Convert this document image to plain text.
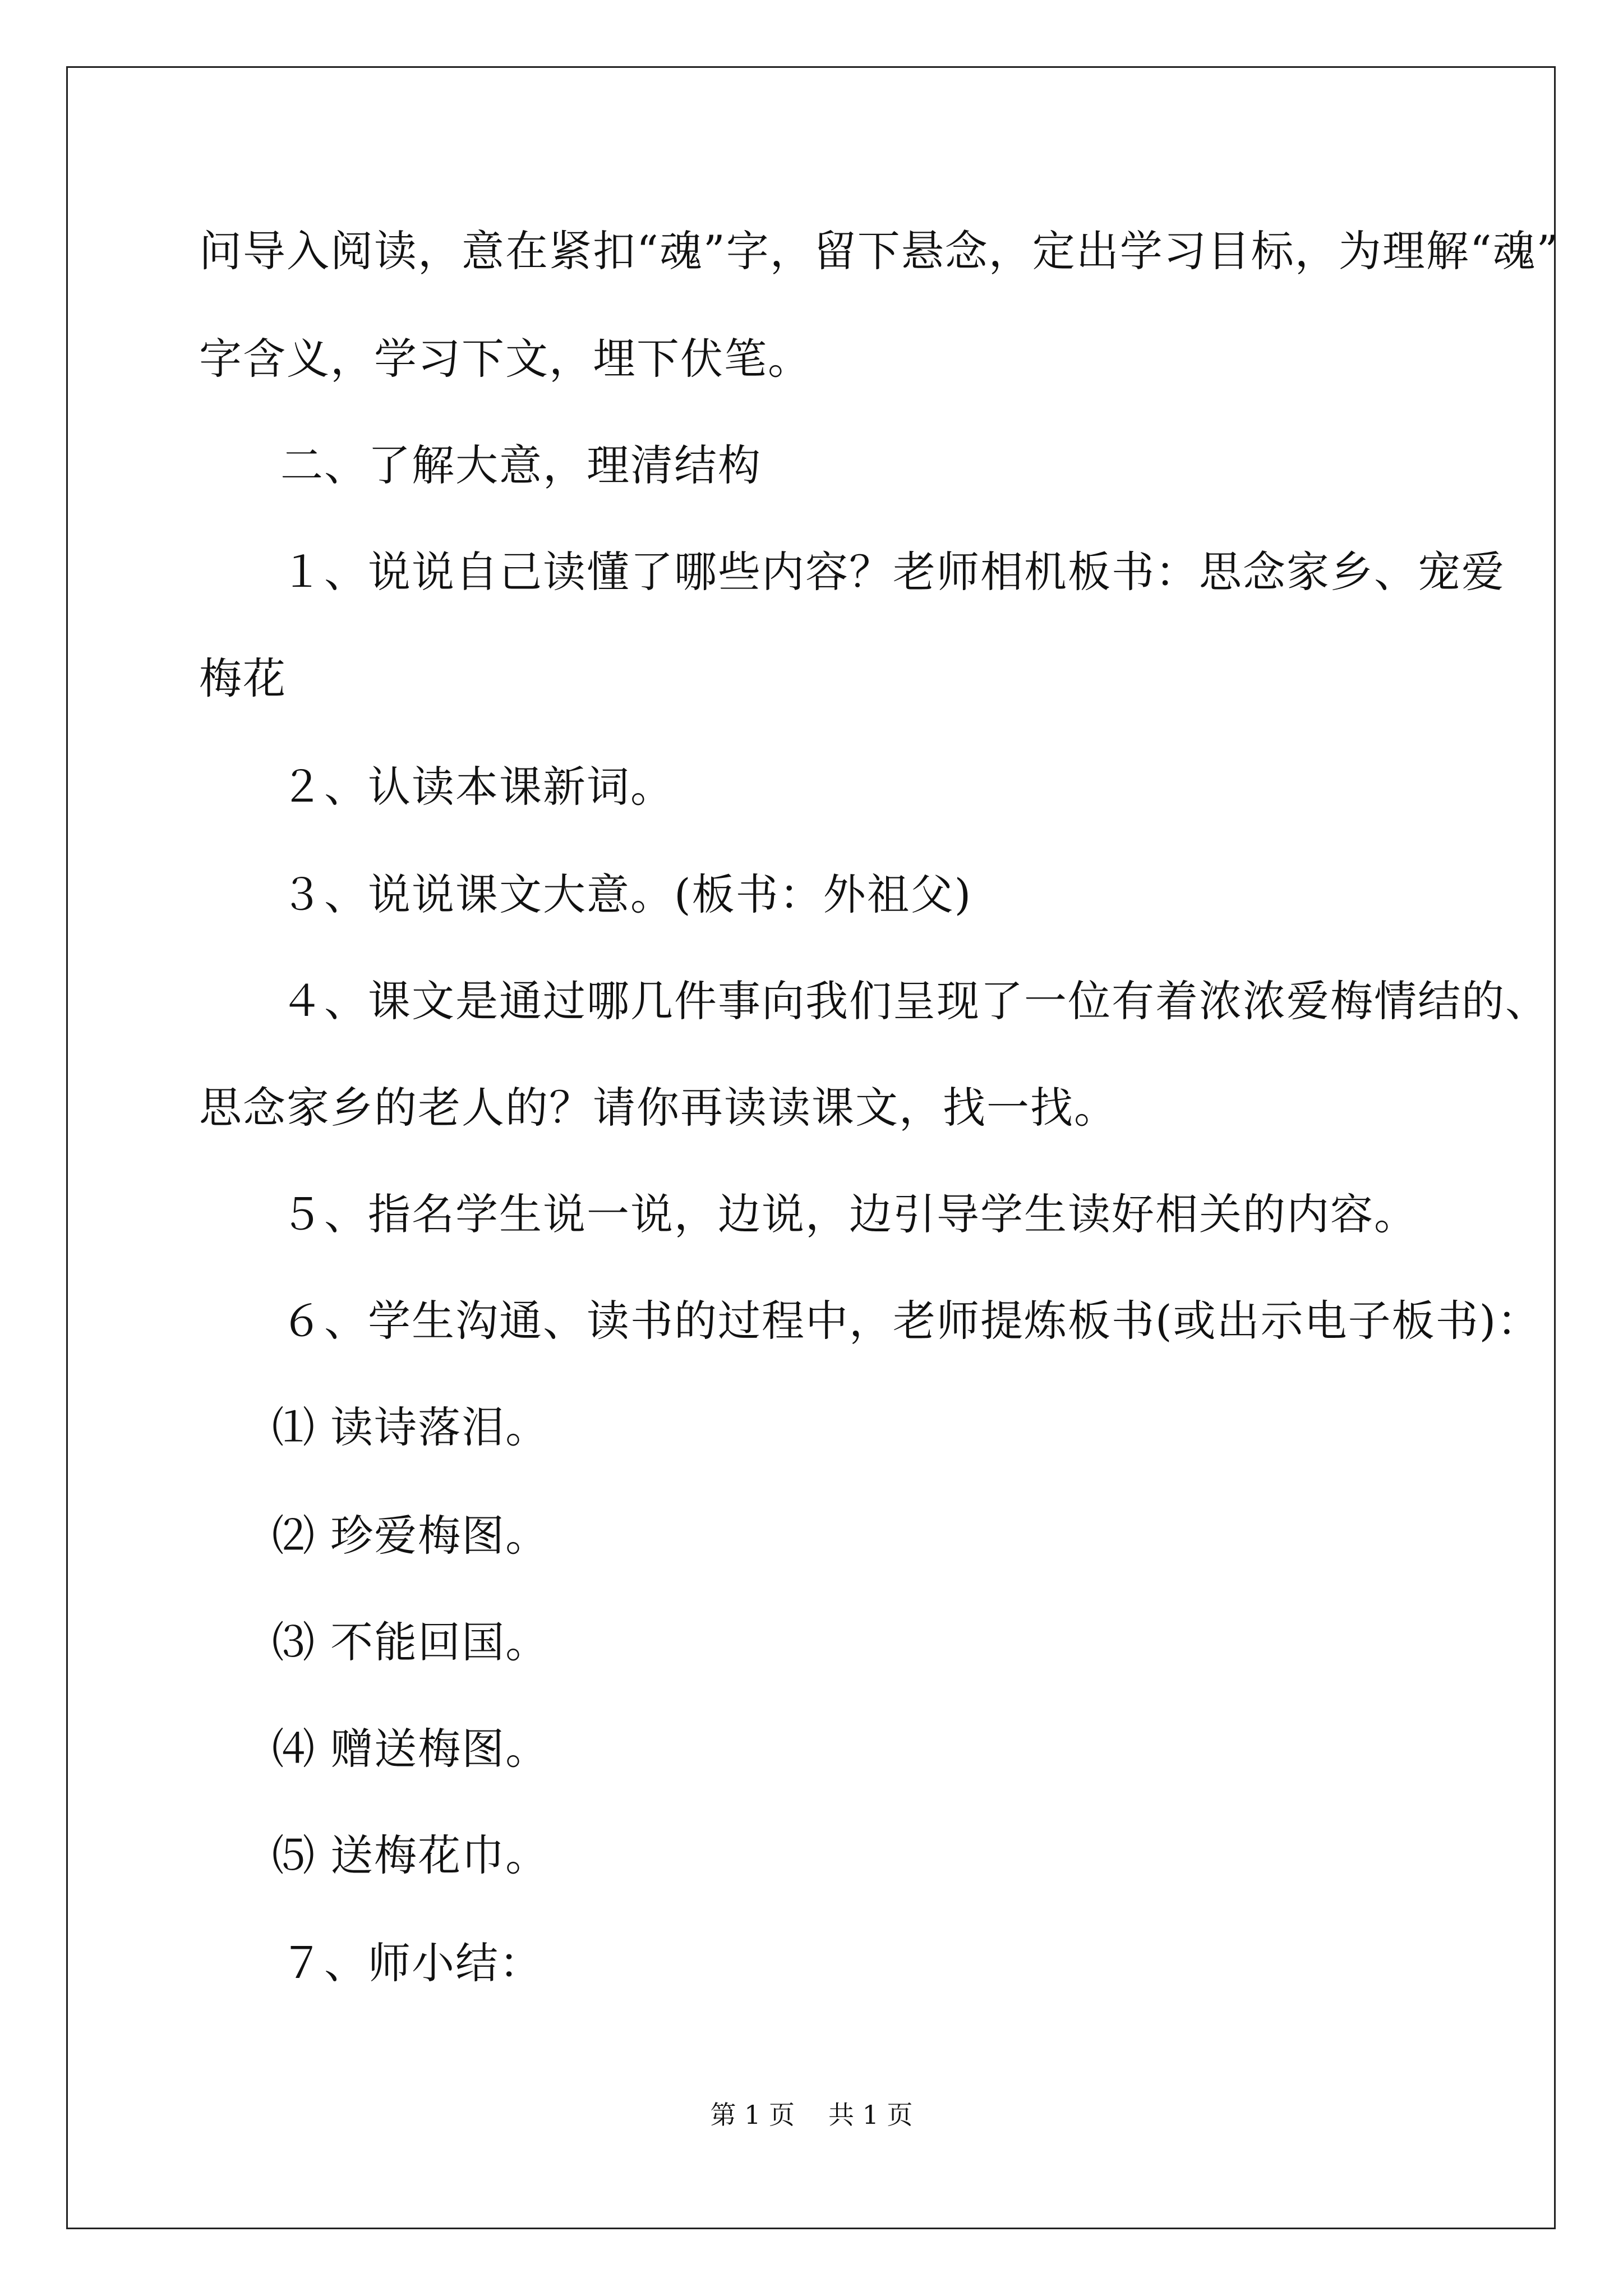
问导入阅读，意在紧扣“魂”字，留下悬念，定出学习目标，为理解“魂”
字含义，学习下文，埋下伏笔。
二、了解大意，理清结构
１、说说自己读懂了哪些内容？老师相机板书：思念家乡、宠爱
梅花
２、认读本课新词。
３、说说课文大意。(板书：外祖父)
４、课文是通过哪几件事向我们呈现了一位有着浓浓爱梅情结的、
思念家乡的老人的？请你再读读课文，找一找。
５、指名学生说一说，边说，边引导学生读好相关的内容。
６、学生沟通、读书的过程中，老师提炼板书(或出示电子板书)：
⑴ 读诗落泪。
⑵ 珍爱梅图。
⑶ 不能回国。
⑷ 赠送梅图。
⑸ 送梅花巾。
７、师小结：
第 1 页 共 1 页
